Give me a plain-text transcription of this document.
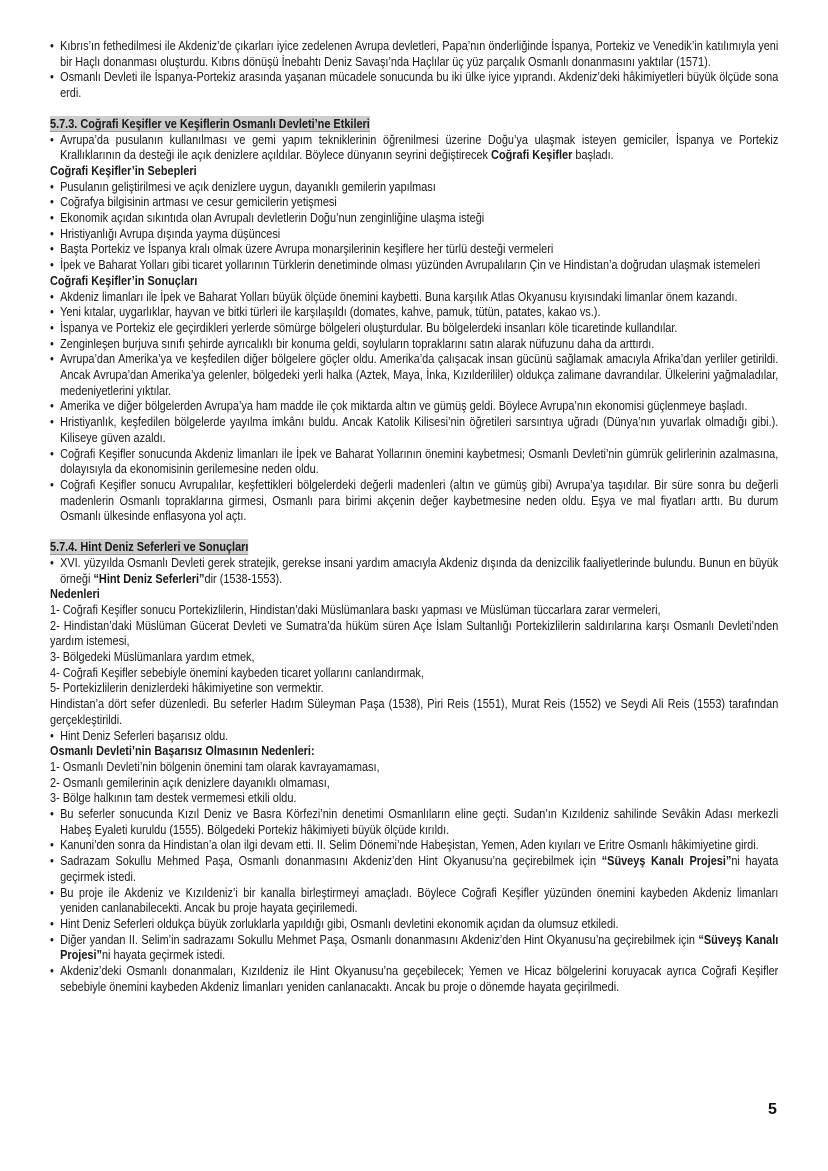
• Kıbrıs’ın fethedilmesi ile Akdeniz’de çıkarları iyice zedelenen Avrupa devletleri, Papa’nın önderliğinde İspanya, Portekiz ve Venedik’in katılımıyla yeni bir Haçlı donanması oluşturdu. Kıbrıs dönüşü İnebahtı Deniz Savaşı’nda Haçlılar üç yüz parçalık Osmanlı donanmasını yaktılar (1571).
• Osmanlı Devleti ile İspanya-Portekiz arasında yaşanan mücadele sonucunda bu iki ülke iyice yıprandı. Akdeniz’deki hâkimiyetleri büyük ölçüde sona erdi.
5.7.3. Coğrafi Keşifler ve Keşiflerin Osmanlı Devleti’ne Etkileri
• Avrupa’da pusulanın kullanılması ve gemi yapım tekniklerinin öğrenilmesi üzerine Doğu’ya ulaşmak isteyen gemiciler, İspanya ve Portekiz Krallıklarının da desteği ile açık denizlere açıldılar. Böylece dünyanın seyrini değiştirecek Coğrafi Keşifler başladı.
Coğrafi Keşifler’in Sebepleri
• Pusulanın geliştirilmesi ve açık denizlere uygun, dayanıklı gemilerin yapılması
• Coğrafya bilgisinin artması ve cesur gemicilerin yetişmesi
• Ekonomik açıdan sıkıntıda olan Avrupalı devletlerin Doğu’nun zenginliğine ulaşma isteği
• Hristiyanlığı Avrupa dışında yayma düşüncesi
• Başta Portekiz ve İspanya kralı olmak üzere Avrupa monarşilerinin keşiflere her türlü desteği vermeleri
• İpek ve Baharat Yolları gibi ticaret yollarının Türklerin denetiminde olması yüzünden Avrupalıların Çin ve Hindistan’a doğrudan ulaşmak istemeleri
Coğrafi Keşifler’in Sonuçları
• Akdeniz limanları ile İpek ve Baharat Yolları büyük ölçüde önemini kaybetti. Buna karşılık Atlas Okyanusu kıyısındaki limanlar önem kazandı.
• Yeni kıtalar, uygarlıklar, hayvan ve bitki türleri ile karşılaşıldı (domates, kahve, pamuk, tütün, patates, kakao vs.).
• İspanya ve Portekiz ele geçirdikleri yerlerde sömürge bölgeleri oluşturdular. Bu bölgelerdeki insanları köle ticaretinde kullandılar.
• Zenginleşen burjuva sınıfı şehirde ayrıcalıklı bir konuma geldi, soyluların topraklarını satın alarak nüfuzunu daha da arttırdı.
• Avrupa’dan Amerika’ya ve keşfedilen diğer bölgelere göçler oldu. Amerika’da çalışacak insan gücünü sağlamak amacıyla Afrika’dan yerliler getirildi. Ancak Avrupa’dan Amerika’ya gelenler, bölgedeki yerli halka (Aztek, Maya, İnka, Kızılderililer) oldukça zalimane davrandılar. Ülkelerini yağmaladılar, medeniyetlerini yıktılar.
• Amerika ve diğer bölgelerden Avrupa’ya ham madde ile çok miktarda altın ve gümüş geldi. Böylece Avrupa’nın ekonomisi güçlenmeye başladı.
• Hristiyanlık, keşfedilen bölgelerde yayılma imkânı buldu. Ancak Katolik Kilisesi’nin öğretileri sarsıntıya uğradı (Dünya’nın yuvarlak olmadığı gibi.). Kiliseye güven azaldı.
• Coğrafi Keşifler sonucunda Akdeniz limanları ile İpek ve Baharat Yollarının önemini kaybetmesi; Osmanlı Devleti’nin gümrük gelirlerinin azalmasına, dolayısıyla da ekonomisinin gerilemesine neden oldu.
• Coğrafi Keşifler sonucu Avrupalılar, keşfettikleri bölgelerdeki değerli madenleri (altın ve gümüş gibi) Avrupa’ya taşıdılar. Bir süre sonra bu değerli madenlerin Osmanlı topraklarına girmesi, Osmanlı para birimi akçenin değer kaybetmesine neden oldu. Eşya ve mal fiyatları arttı. Bu durum Osmanlı ülkesinde enflasyona yol açtı.
5.7.4. Hint Deniz Seferleri ve Sonuçları
• XVI. yüzyılda Osmanlı Devleti gerek stratejik, gerekse insani yardım amacıyla Akdeniz dışında da denizcilik faaliyetlerinde bulundu. Bunun en büyük örneği “Hint Deniz Seferleri”dir (1538-1553).
Nedenleri
1- Coğrafi Keşifler sonucu Portekizlilerin, Hindistan’daki Müslümanlara baskı yapması ve Müslüman tüccarlara zarar vermeleri,
2- Hindistan’daki Müslüman Gücerat Devleti ve Sumatra’da hüküm süren Açe İslam Sultanlığı Portekizlilerin saldırılarına karşı Osmanlı Devleti’nden yardım istemesi,
3- Bölgedeki Müslümanlara yardım etmek,
4- Coğrafi Keşifler sebebiyle önemini kaybeden ticaret yollarını canlandırmak,
5- Portekizlilerin denizlerdeki hâkimiyetine son vermektir.
Hindistan’a dört sefer düzenledi. Bu seferler Hadım Süleyman Paşa (1538), Piri Reis (1551), Murat Reis (1552) ve Seydi Ali Reis (1553) tarafından gerçekleştirildi.
• Hint Deniz Seferleri başarısız oldu.
Osmanlı Devleti’nin Başarısız Olmasının Nedenleri:
1- Osmanlı Devleti’nin bölgenin önemini tam olarak kavrayamaması,
2- Osmanlı gemilerinin açık denizlere dayanıklı olmaması,
3- Bölge halkının tam destek vermemesi etkili oldu.
• Bu seferler sonucunda Kızıl Deniz ve Basra Körfezi’nin denetimi Osmanlıların eline geçti. Sudan’ın Kızıldeniz sahilinde Sevâkin Adası merkezli Habeş Eyaleti kuruldu (1555). Bölgedeki Portekiz hâkimiyeti büyük ölçüde kırıldı.
• Kanuni’den sonra da Hindistan’a olan ilgi devam etti. II. Selim Dönemi’nde Habeşistan, Yemen, Aden kıyıları ve Eritre Osmanlı hâkimiyetine girdi.
• Sadrazam Sokullu Mehmed Paşa, Osmanlı donanmasını Akdeniz’den Hint Okyanusu’na geçirebilmek için “Süveyş Kanalı Projesi”ni hayata geçirmek istedi.
• Bu proje ile Akdeniz ve Kızıldeniz’i bir kanalla birleştirmeyi amaçladı. Böylece Coğrafi Keşifler yüzünden önemini kaybeden Akdeniz limanları yeniden canlanabilecekti. Ancak bu proje hayata geçirilemedi.
• Hint Deniz Seferleri oldukça büyük zorluklarla yapıldığı gibi, Osmanlı devletini ekonomik açıdan da olumsuz etkiledi.
• Diğer yandan II. Selim’in sadrazamı Sokullu Mehmet Paşa, Osmanlı donanmasını Akdeniz’den Hint Okyanusu’na geçirebilmek için “Süveyş Kanalı Projesi”ni hayata geçirmek istedi.
• Akdeniz’deki Osmanlı donanmaları, Kızıldeniz ile Hint Okyanusu’na geçebilecek; Yemen ve Hicaz bölgelerini koruyacak ayrıca Coğrafi Keşifler sebebiyle önemini kaybeden Akdeniz limanları yeniden canlanacaktı. Ancak bu proje o dönemde hayata geçirilmedi.
5
